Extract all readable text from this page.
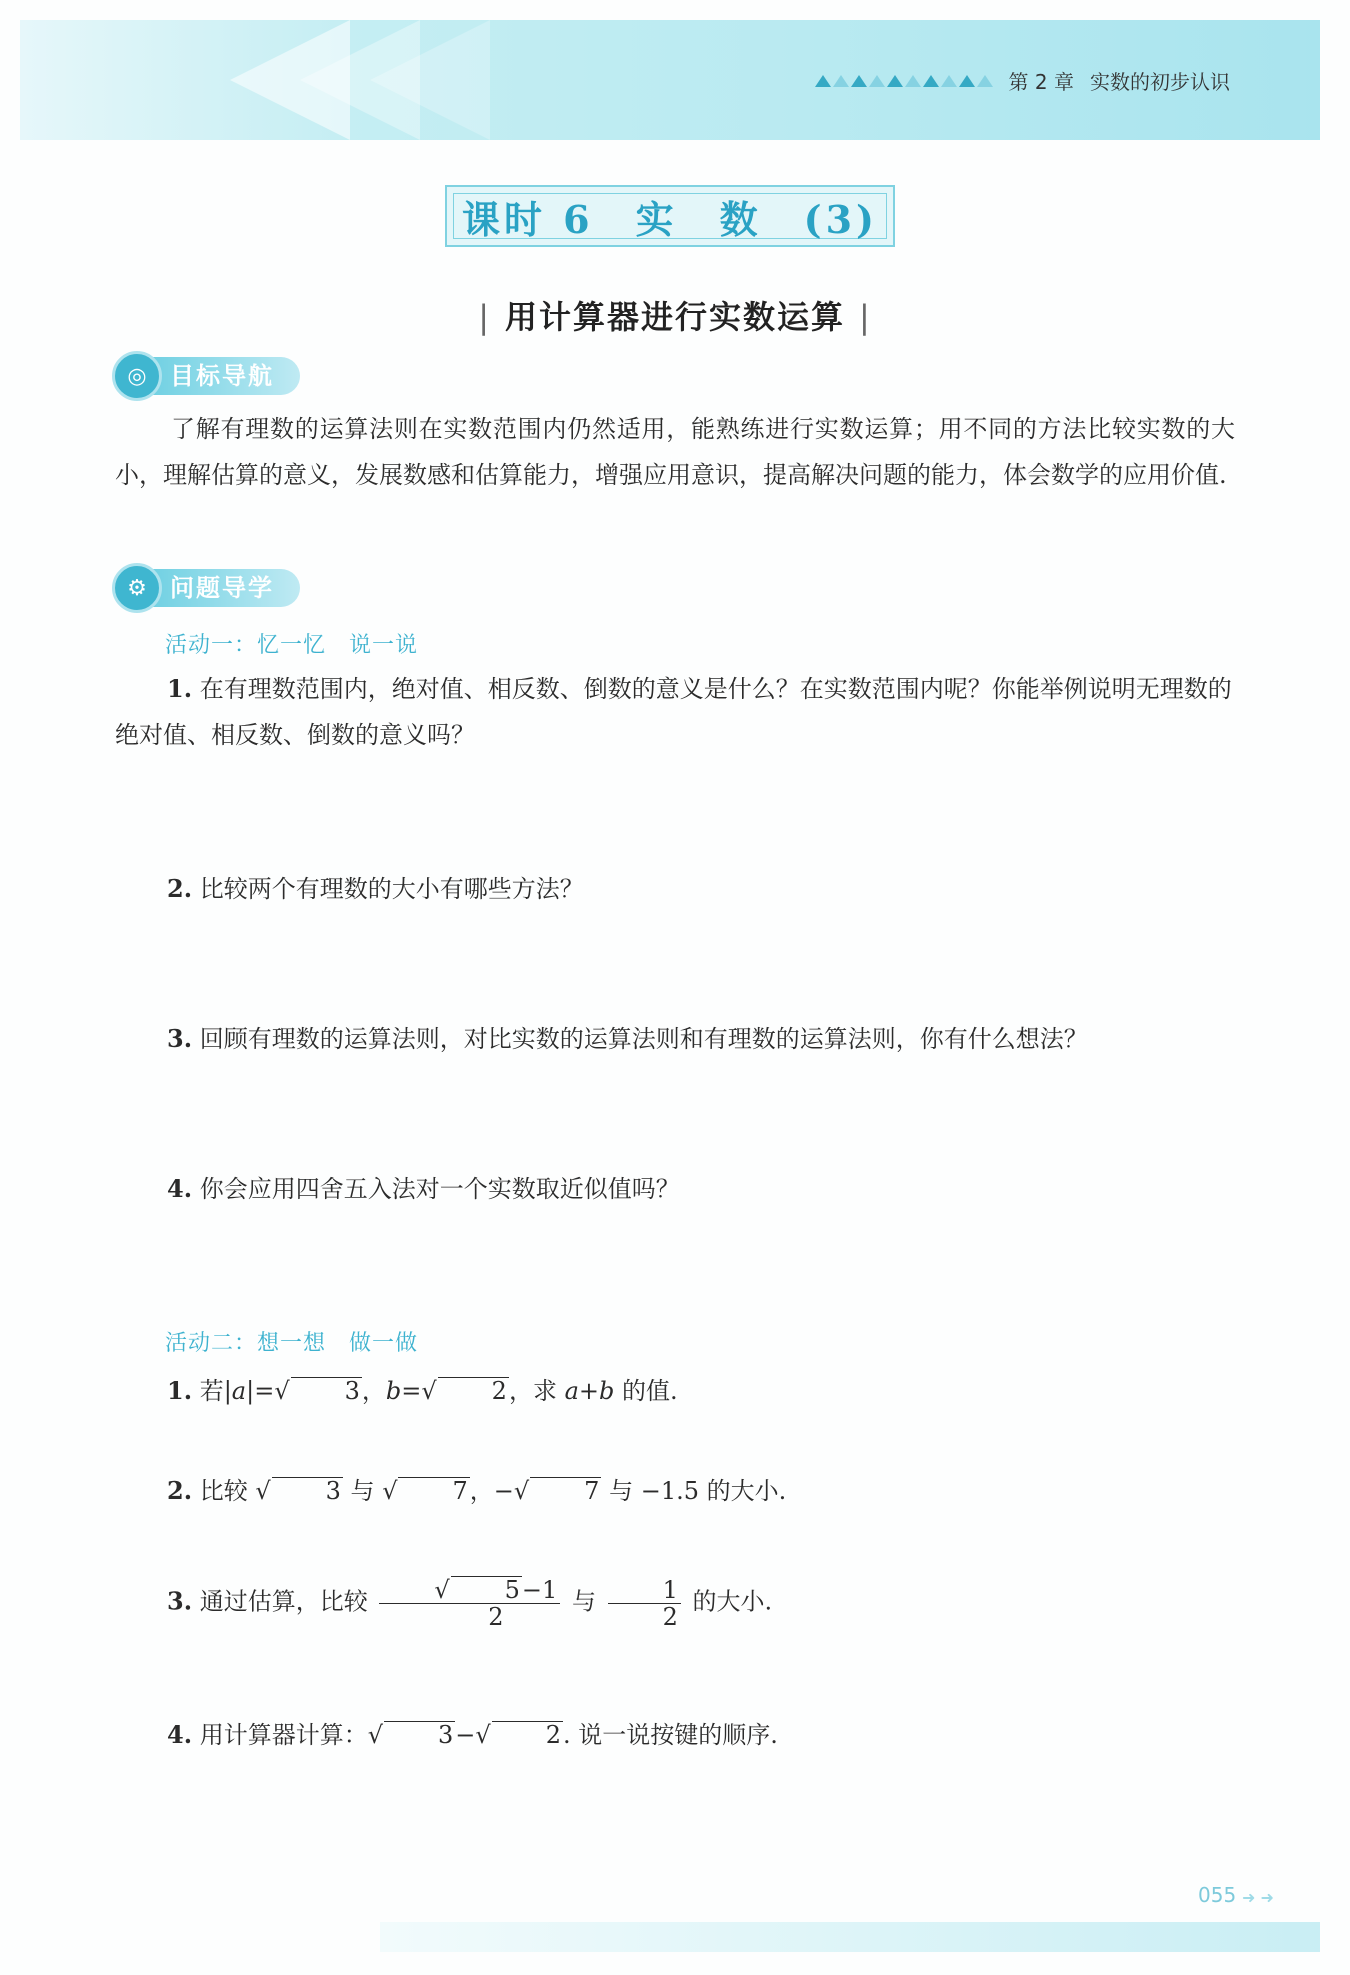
第 2 章 实数的初步认识
课时 6　实　数　(3)
| 用计算器进行实数运算 |
◎ 目标导航
了解有理数的运算法则在实数范围内仍然适用，能熟练进行实数运算；用不同的方法比较实数的大小，理解估算的意义，发展数感和估算能力，增强应用意识，提高解决问题的能力，体会数学的应用价值.
⚙ 问题导学
活动一：忆一忆　说一说
1. 在有理数范围内，绝对值、相反数、倒数的意义是什么？在实数范围内呢？你能举例说明无理数的绝对值、相反数、倒数的意义吗？
2. 比较两个有理数的大小有哪些方法？
3. 回顾有理数的运算法则，对比实数的运算法则和有理数的运算法则，你有什么想法？
4. 你会应用四舍五入法对一个实数取近似值吗？
活动二：想一想　做一做
1. 若|a|=√ 3，b=√ 2，求 a+b 的值.
2. 比较 √ 3 与 √ 7，−√ 7 与 −1.5 的大小.
3. 通过估算，比较 $\frac{√ 5-1}{2}$ 与 $\frac{1}{2}$ 的大小.
4. 用计算器计算：√ 3−√ 2. 说一说按键的顺序.
055 ➜ ➜
